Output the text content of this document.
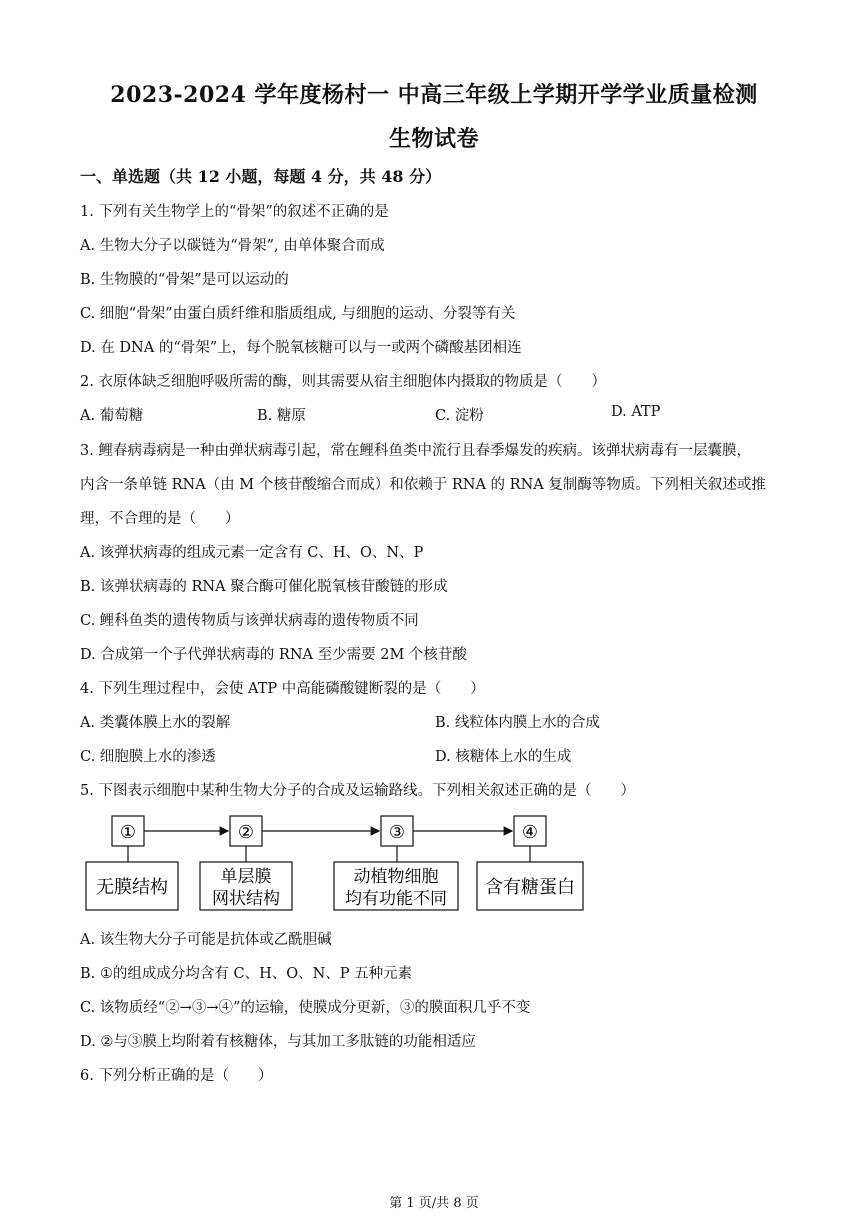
2023-2024 学年度杨村一 中高三年级上学期开学学业质量检测
生物试卷
一、单选题（共 12 小题，每题 4 分，共 48 分）
1. 下列有关生物学上的“骨架”的叙述不正确的是
A. 生物大分子以碳链为“骨架”, 由单体聚合而成
B. 生物膜的“骨架”是可以运动的
C. 细胞“骨架”由蛋白质纤维和脂质组成, 与细胞的运动、分裂等有关
D. 在 DNA 的“骨架”上，每个脱氧核糖可以与一或两个磷酸基团相连
2. 衣原体缺乏细胞呼吸所需的酶，则其需要从宿主细胞体内摄取的物质是（　　）
A. 葡萄糖	B. 糖原	C. 淀粉	D. ATP
3. 鲤春病毒病是一种由弹状病毒引起，常在鲤科鱼类中流行且春季爆发的疾病。该弹状病毒有一层囊膜，
内含一条单链 RNA（由 M 个核苷酸缩合而成）和依赖于 RNA 的 RNA 复制酶等物质。下列相关叙述或推
理，不合理的是（　　）
A. 该弹状病毒的组成元素一定含有 C、H、O、N、P
B. 该弹状病毒的 RNA 聚合酶可催化脱氧核苷酸链的形成
C. 鲤科鱼类的遗传物质与该弹状病毒的遗传物质不同
D. 合成第一个子代弹状病毒的 RNA 至少需要 2M 个核苷酸
4. 下列生理过程中，会使 ATP 中高能磷酸键断裂的是（　　）
A. 类囊体膜上水的裂解	B. 线粒体内膜上水的合成
C. 细胞膜上水的渗透	D. 核糖体上水的生成
5. 下图表示细胞中某种生物大分子的合成及运输路线。下列相关叙述正确的是（　　）
①	②	③	④
无膜结构	单层膜
网状结构
动植物细胞
均有功能不同
含有糖蛋白
A. 该生物大分子可能是抗体或乙酰胆碱
B. ①的组成成分均含有 C、H、O、N、P 五种元素
C. 该物质经“②→③→④”的运输，使膜成分更新，③的膜面积几乎不变
D. ②与③膜上均附着有核糖体，与其加工多肽链的功能相适应
6. 下列分析正确的是（　　）
第 1 页/共 8 页
